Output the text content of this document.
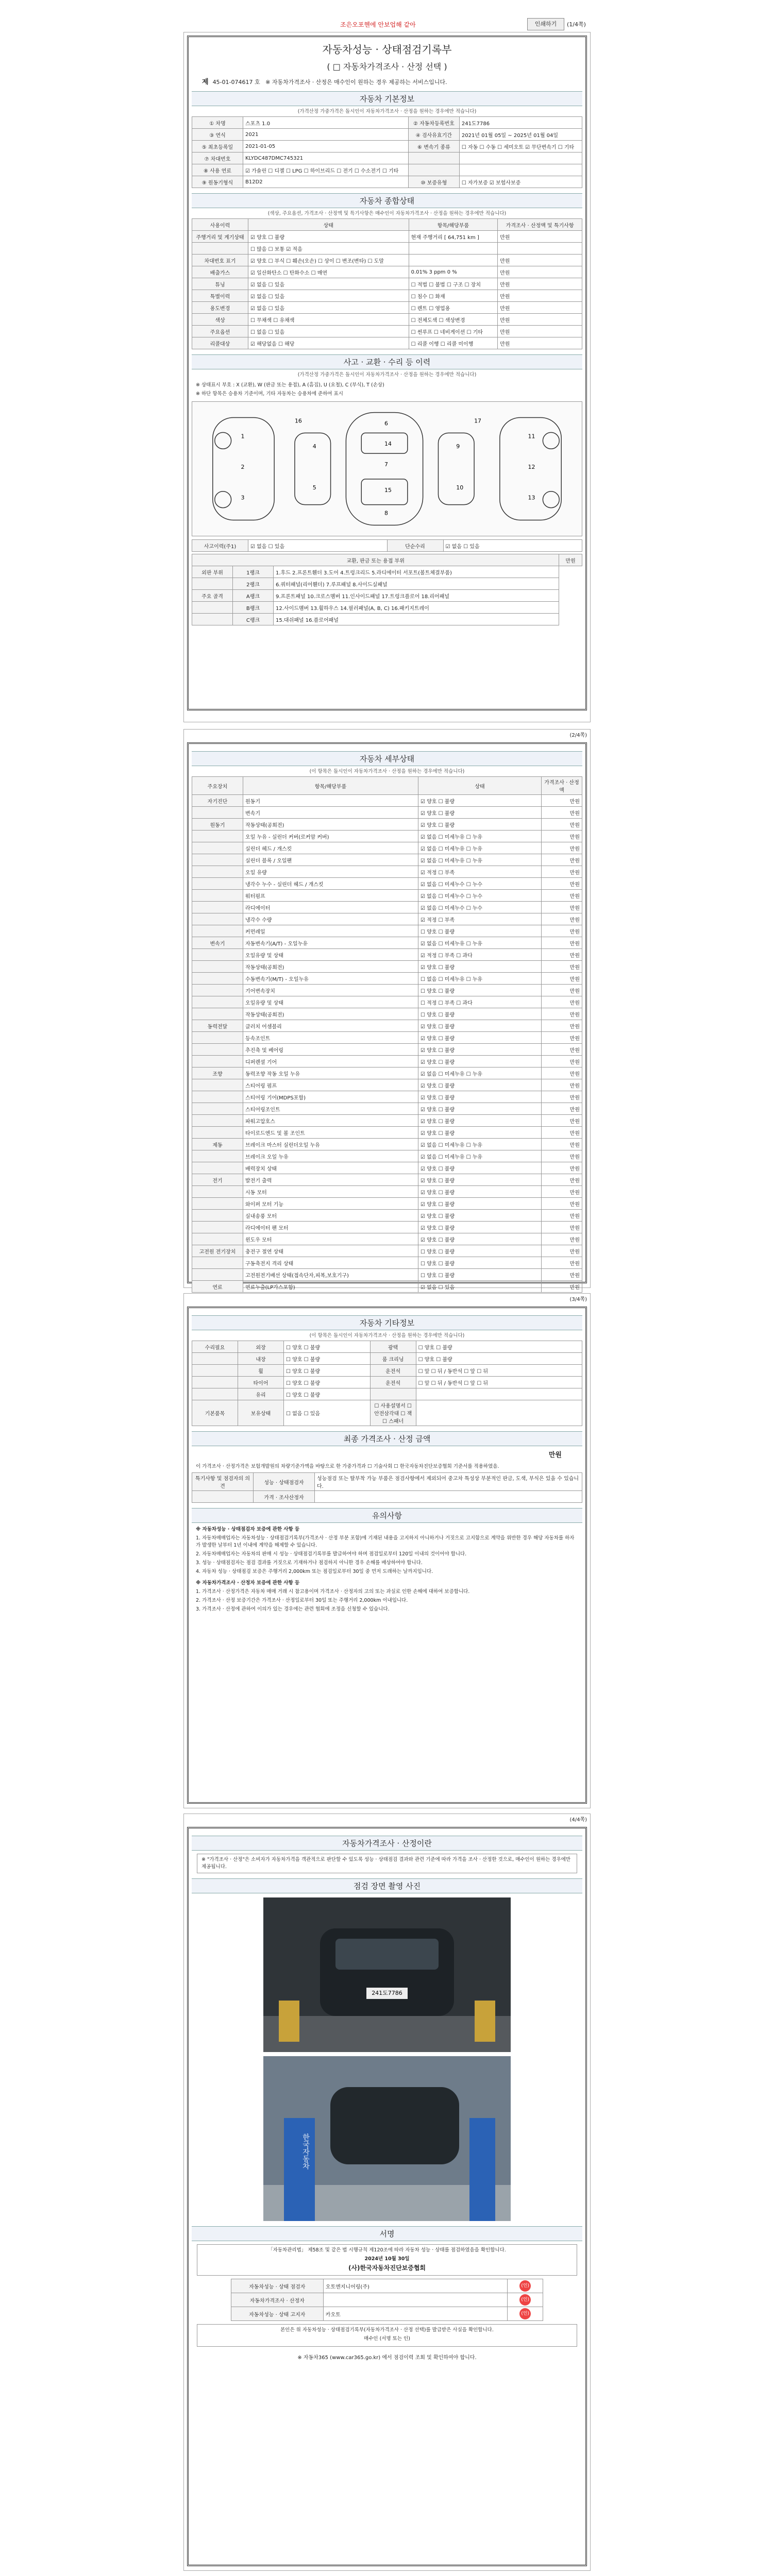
조은오포헨에 안보업해 같아	인쇄하기	(1/4쪽)
자동차성능 · 상태점검기록부
( □ 자동차가격조사 · 산정 선택 )
제 45-01-074617 호 ※ 자동차가격조사 · 산정은 매수인이 원하는 경우 제공하는 서비스입니다.
자동차 기본정보
(가격산정 가중가격은 돌시인이 자동차가격조사 · 산정을 원하는 경우에만 적습니다)
① 차명	스포츠 1.0	② 자동차등록번호	241도7786
③ 연식	2021	④ 검사유효기간	2021년 01월 05일 ~ 2025년 01월 04일
⑤ 최초등록일	2021-01-05	⑥ 변속기 종류	☐ 자동 ☐ 수동 ☐ 세미오토 ☑ 무단변속기 ☐ 기타
⑦ 차대번호	KLYDC487DMC745321		
⑧ 사용 연료	☑ 가솔린 ☐ 디젤 ☐ LPG ☐ 하이브리드 ☐ 전기 ☐ 수소전기 ☐ 기타		
⑨ 원동기형식	B12D2	⑩ 보증유형	☐ 자가보증 ☑ 보험사보증
자동차 종합상태
(색상, 주요옵션, 가격조사 · 산정액 및 특기사항은 매수인이 자동차가격조사 · 산정을 원하는 경우에만 적습니다)
사용이력	상태	항목/해당부품	가격조사 · 산정액 및 특기사항
주행거리 및 계기상태	☑ 양호 ☐ 불량	현재 주행거리 [ 64,751 km ]	만원
	☐ 많음 ☐ 보통 ☑ 적음		
차대번호 표기	☑ 양호 ☐ 부식 ☐ 훼손(오손) ☐ 상이 ☐ 변조(변타) ☐ 도말		만원
배출가스	☑ 일산화탄소 ☐ 탄화수소 ☐ 매연	0.01% 3 ppm 0 %	만원
튜닝	☑ 없음 ☐ 있음	☐ 적법 ☐ 불법 ☐ 구조 ☐ 장치	만원
특별이력	☑ 없음 ☐ 있음	☐ 침수 ☐ 화재	만원
용도변경	☑ 없음 ☐ 있음	☐ 렌트 ☐ 영업용	만원
색상	☐ 무채색 ☐ 유채색	☐ 전체도색 ☐ 색상변경	만원
주요옵션	☐ 없음 ☐ 있음	☐ 썬루프 ☐ 네비게이션 ☐ 기타	만원
리콜대상	☑ 해당없음 ☐ 해당	☐ 리콜 이행 ☐ 리콜 미이행	만원
사고 · 교환 · 수리 등 이력
(가격산정 가중가격은 돌시인이 자동차가격조사 · 산정을 원하는 경우에만 적습니다)

※ 상태표시 부호 : X (교환), W (판금 또는 용접), A (흠집), U (요철), C (부식), T (손상)

※ 하단 항목은 승용차 기준이며, 기타 자동차는 승용차에 준하여 표시

1
2
3
4
5
6
7
8
9
10
11
12
13
14
15
16	17
사고이력(주1)	☑ 없음 ☐ 있음	단순수리	☑ 없음 ☐ 있음
교환, 판금 또는 용접 부위			만원
외판 부위	1랭크	1.후드 2.프론트휀더 3.도어 4.트렁크리드 5.라디에이터 서포트(볼트체결부품)	
	2랭크	6.쿼터패널(리어휀더) 7.루프패널 8.사이드실패널	
주요 골격	A랭크	9.프론트패널 10.크로스멤버 11.인사이드패널 17.트렁크플로어 18.리어패널	
	B랭크	12.사이드멤버 13.휠하우스 14.필러패널(A, B, C) 16.패키지트레이	
	C랭크	15.대쉬패널 16.플로어패널	
(2/4쪽)
자동차 세부상태
(이 항목은 돌시인이 자동차가격조사 · 산정을 원하는 경우에만 적습니다)
주요장치	항목/해당부품	상태	가격조사 · 산정액
자기진단	원동기	☑ 양호 ☐ 불량	만원
	변속기	☑ 양호 ☐ 불량	만원
원동기	작동상태(공회전)	☑ 양호 ☐ 불량	만원
	오일 누유 - 실린더 커버(로커암 커버)	☑ 없음 ☐ 미세누유 ☐ 누유	만원
	실린더 헤드 / 개스킷	☑ 없음 ☐ 미세누유 ☐ 누유	만원
	실린더 블록 / 오일팬	☑ 없음 ☐ 미세누유 ☐ 누유	만원
	오일 유량	☑ 적정 ☐ 부족	만원
	냉각수 누수 - 실린더 헤드 / 개스킷	☑ 없음 ☐ 미세누수 ☐ 누수	만원
	워터펌프	☑ 없음 ☐ 미세누수 ☐ 누수	만원
	라디에이터	☑ 없음 ☐ 미세누수 ☐ 누수	만원
	냉각수 수량	☑ 적정 ☐ 부족	만원
	커먼레일	☐ 양호 ☐ 불량	만원
변속기	자동변속기(A/T) - 오일누유	☑ 없음 ☐ 미세누유 ☐ 누유	만원
	오일유량 및 상태	☑ 적정 ☐ 부족 ☐ 과다	만원
	작동상태(공회전)	☑ 양호 ☐ 불량	만원
	수동변속기(M/T) - 오일누유	☐ 없음 ☐ 미세누유 ☐ 누유	만원
	기어변속장치	☐ 양호 ☐ 불량	만원
	오일유량 및 상태	☐ 적정 ☐ 부족 ☐ 과다	만원
	작동상태(공회전)	☐ 양호 ☐ 불량	만원
동력전달	클러치 어셈블리	☑ 양호 ☐ 불량	만원
	등속조인트	☑ 양호 ☐ 불량	만원
	추진축 및 베어링	☑ 양호 ☐ 불량	만원
	디퍼렌셜 기어	☑ 양호 ☐ 불량	만원
조향	동력조향 작동 오일 누유	☑ 없음 ☐ 미세누유 ☐ 누유	만원
	스티어링 펌프	☑ 양호 ☐ 불량	만원
	스티어링 기어(MDPS포함)	☑ 양호 ☐ 불량	만원
	스티어링조인트	☑ 양호 ☐ 불량	만원
	파워고압호스	☑ 양호 ☐ 불량	만원
	타이로드엔드 및 볼 조인트	☑ 양호 ☐ 불량	만원
제동	브레이크 마스터 실린더오일 누유	☑ 없음 ☐ 미세누유 ☐ 누유	만원
	브레이크 오일 누유	☑ 없음 ☐ 미세누유 ☐ 누유	만원
	배력장치 상태	☑ 양호 ☐ 불량	만원
전기	발전기 출력	☑ 양호 ☐ 불량	만원
	시동 모터	☑ 양호 ☐ 불량	만원
	와이퍼 모터 기능	☑ 양호 ☐ 불량	만원
	실내송풍 모터	☑ 양호 ☐ 불량	만원
	라디에이터 팬 모터	☑ 양호 ☐ 불량	만원
	윈도우 모터	☑ 양호 ☐ 불량	만원
고전원 전기장치	충전구 절연 상태	☐ 양호 ☐ 불량	만원
	구동축전지 격리 상태	☐ 양호 ☐ 불량	만원
	고전원전기배선 상태(접속단자,피복,보호기구)	☐ 양호 ☐ 불량	만원
연료	연료누출(LP가스포함)	☑ 없음 ☐ 있음	만원
(3/4쪽)
자동차 기타정보
(이 항목은 돌시인이 자동차가격조사 · 산정을 원하는 경우에만 적습니다)
수리필요	외장	☐ 양호 ☐ 불량	광택	☐ 양호 ☐ 불량
	내장	☐ 양호 ☐ 불량	룸 크리닝	☐ 양호 ☐ 불량
	휠	☐ 양호 ☐ 불량	운전석	☐ 앞 ☐ 뒤 / 동반석 ☐ 앞 ☐ 뒤
	타이어	☐ 양호 ☐ 불량	운전석	☐ 앞 ☐ 뒤 / 동반석 ☐ 앞 ☐ 뒤
	유리	☐ 양호 ☐ 불량		
기본품목	보유상태	☐ 없음 ☐ 있음	☐ 사용설명서 ☐ 안전삼각대 ☐ 잭 ☐ 스패너	
최종 가격조사 · 산정 금액
만원
이 가격조사 · 산정가격은 보험개발원의 차량기준가액을 바탕으로 한 가중가격과 ☐ 기술사회 ☐ 한국자동차진단보증협회 기준서를 적용하였음.
특기사항 및 점검자의 의견	성능 · 상태점검자	성능점검 또는 탈부착 가능 부품은 점검사항에서 제외되어 중고차 특성상 부분적인 판금, 도색, 부식은 있을 수 있습니다.
	가격 · 조사산정자	
유의사항

※ 자동차성능 · 상태점검자 보증에 관한 사항 등

1. 자동차매매업자는 자동차성능 · 상태점검기록부(가격조사 · 산정 부분 포함)에 기재된 내용을 고지하지 아니하거나 거짓으로 고지함으로 계약을 위반한 경우 해당 자동차를 하자가 발생한 날부터 1년 이내에 계약을 해제할 수 있습니다.

2. 자동차매매업자는 자동차의 판매 시 성능 · 상태점검기록부를 발급하여야 하며 점검일로부터 120일 이내의 것이어야 합니다.

3. 성능 · 상태점검자는 점검 결과를 거짓으로 기재하거나 점검하지 아니한 경우 손해를 배상하여야 합니다.

4. 자동차 성능 · 상태점검 보증은 주행거리 2,000km 또는 점검일로부터 30일 중 먼저 도래하는 날까지입니다.

※ 자동차가격조사 · 산정자 보증에 관한 사항 등

1. 가격조사 · 산정가격은 자동차 매매 거래 시 참고용이며 가격조사 · 산정자의 고의 또는 과실로 인한 손해에 대하여 보증합니다.

2. 가격조사 · 산정 보증기간은 가격조사 · 산정일로부터 30일 또는 주행거리 2,000km 이내입니다.

3. 가격조사 · 산정에 관하여 이의가 있는 경우에는 관련 협회에 조정을 신청할 수 있습니다.

(4/4쪽)
자동차가격조사 · 산정이란
※ "가격조사 · 산정"은 소비자가 자동차가격을 객관적으로 판단할 수 있도록 성능 · 상태점검 결과와 관련 기준에 따라 가격을 조사 · 산정한 것으로, 매수인이 원하는 경우에만 제공됩니다.
점검 장면 촬영 사진
241도7786
한국자동차
서명

「자동차관리법」 제58조 및 같은 법 시행규칙 제120조에 따라 자동차 성능 · 상태를 점검하였음을 확인합니다.

2024년 10월 30일

(사)한국자동차진단보증협회

자동차성능 · 상태 점검자	오토엔지니어링(주)	(인)
자동차가격조사 · 산정자		(인)
자동차성능 · 상태 고지자	카오토	(인)

본인은 위 자동차성능 · 상태점검기록부(자동차가격조사 · 산정 선택)를 발급받은 사실을 확인합니다.

매수인 (서명 또는 인)

※ 자동차365 (www.car365.go.kr) 에서 점검이력 조회 및 확인하여야 합니다.
